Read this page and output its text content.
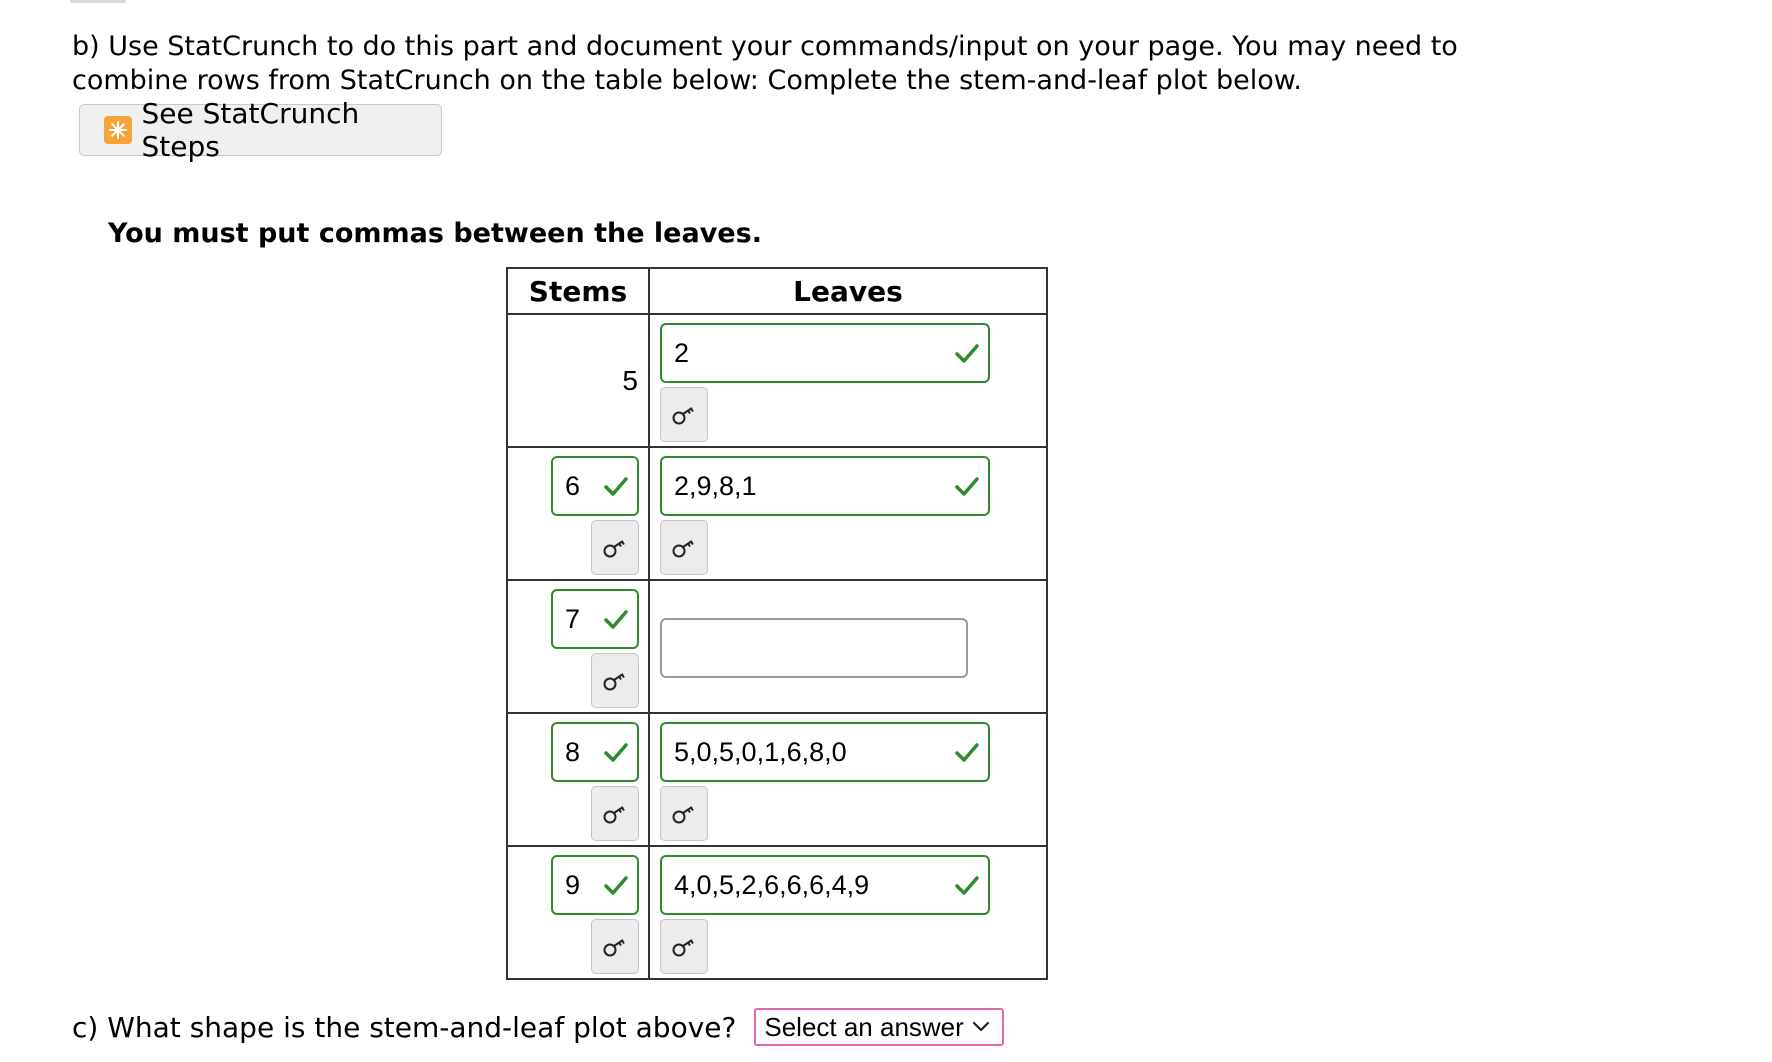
b) Use StatCrunch to do this part and document your commands/input on your page. You may need to combine rows from StatCrunch on the table below: Complete the stem-and-leaf plot below.
See StatCrunch Steps
You must put commas between the leaves.
Stems	Leaves

5	2

6	2,9,8,1

7	

8	5,0,5,0,1,6,8,0

9	4,0,5,2,6,6,6,4,9
c) What shape is the stem-and-leaf plot above? Select an answer
